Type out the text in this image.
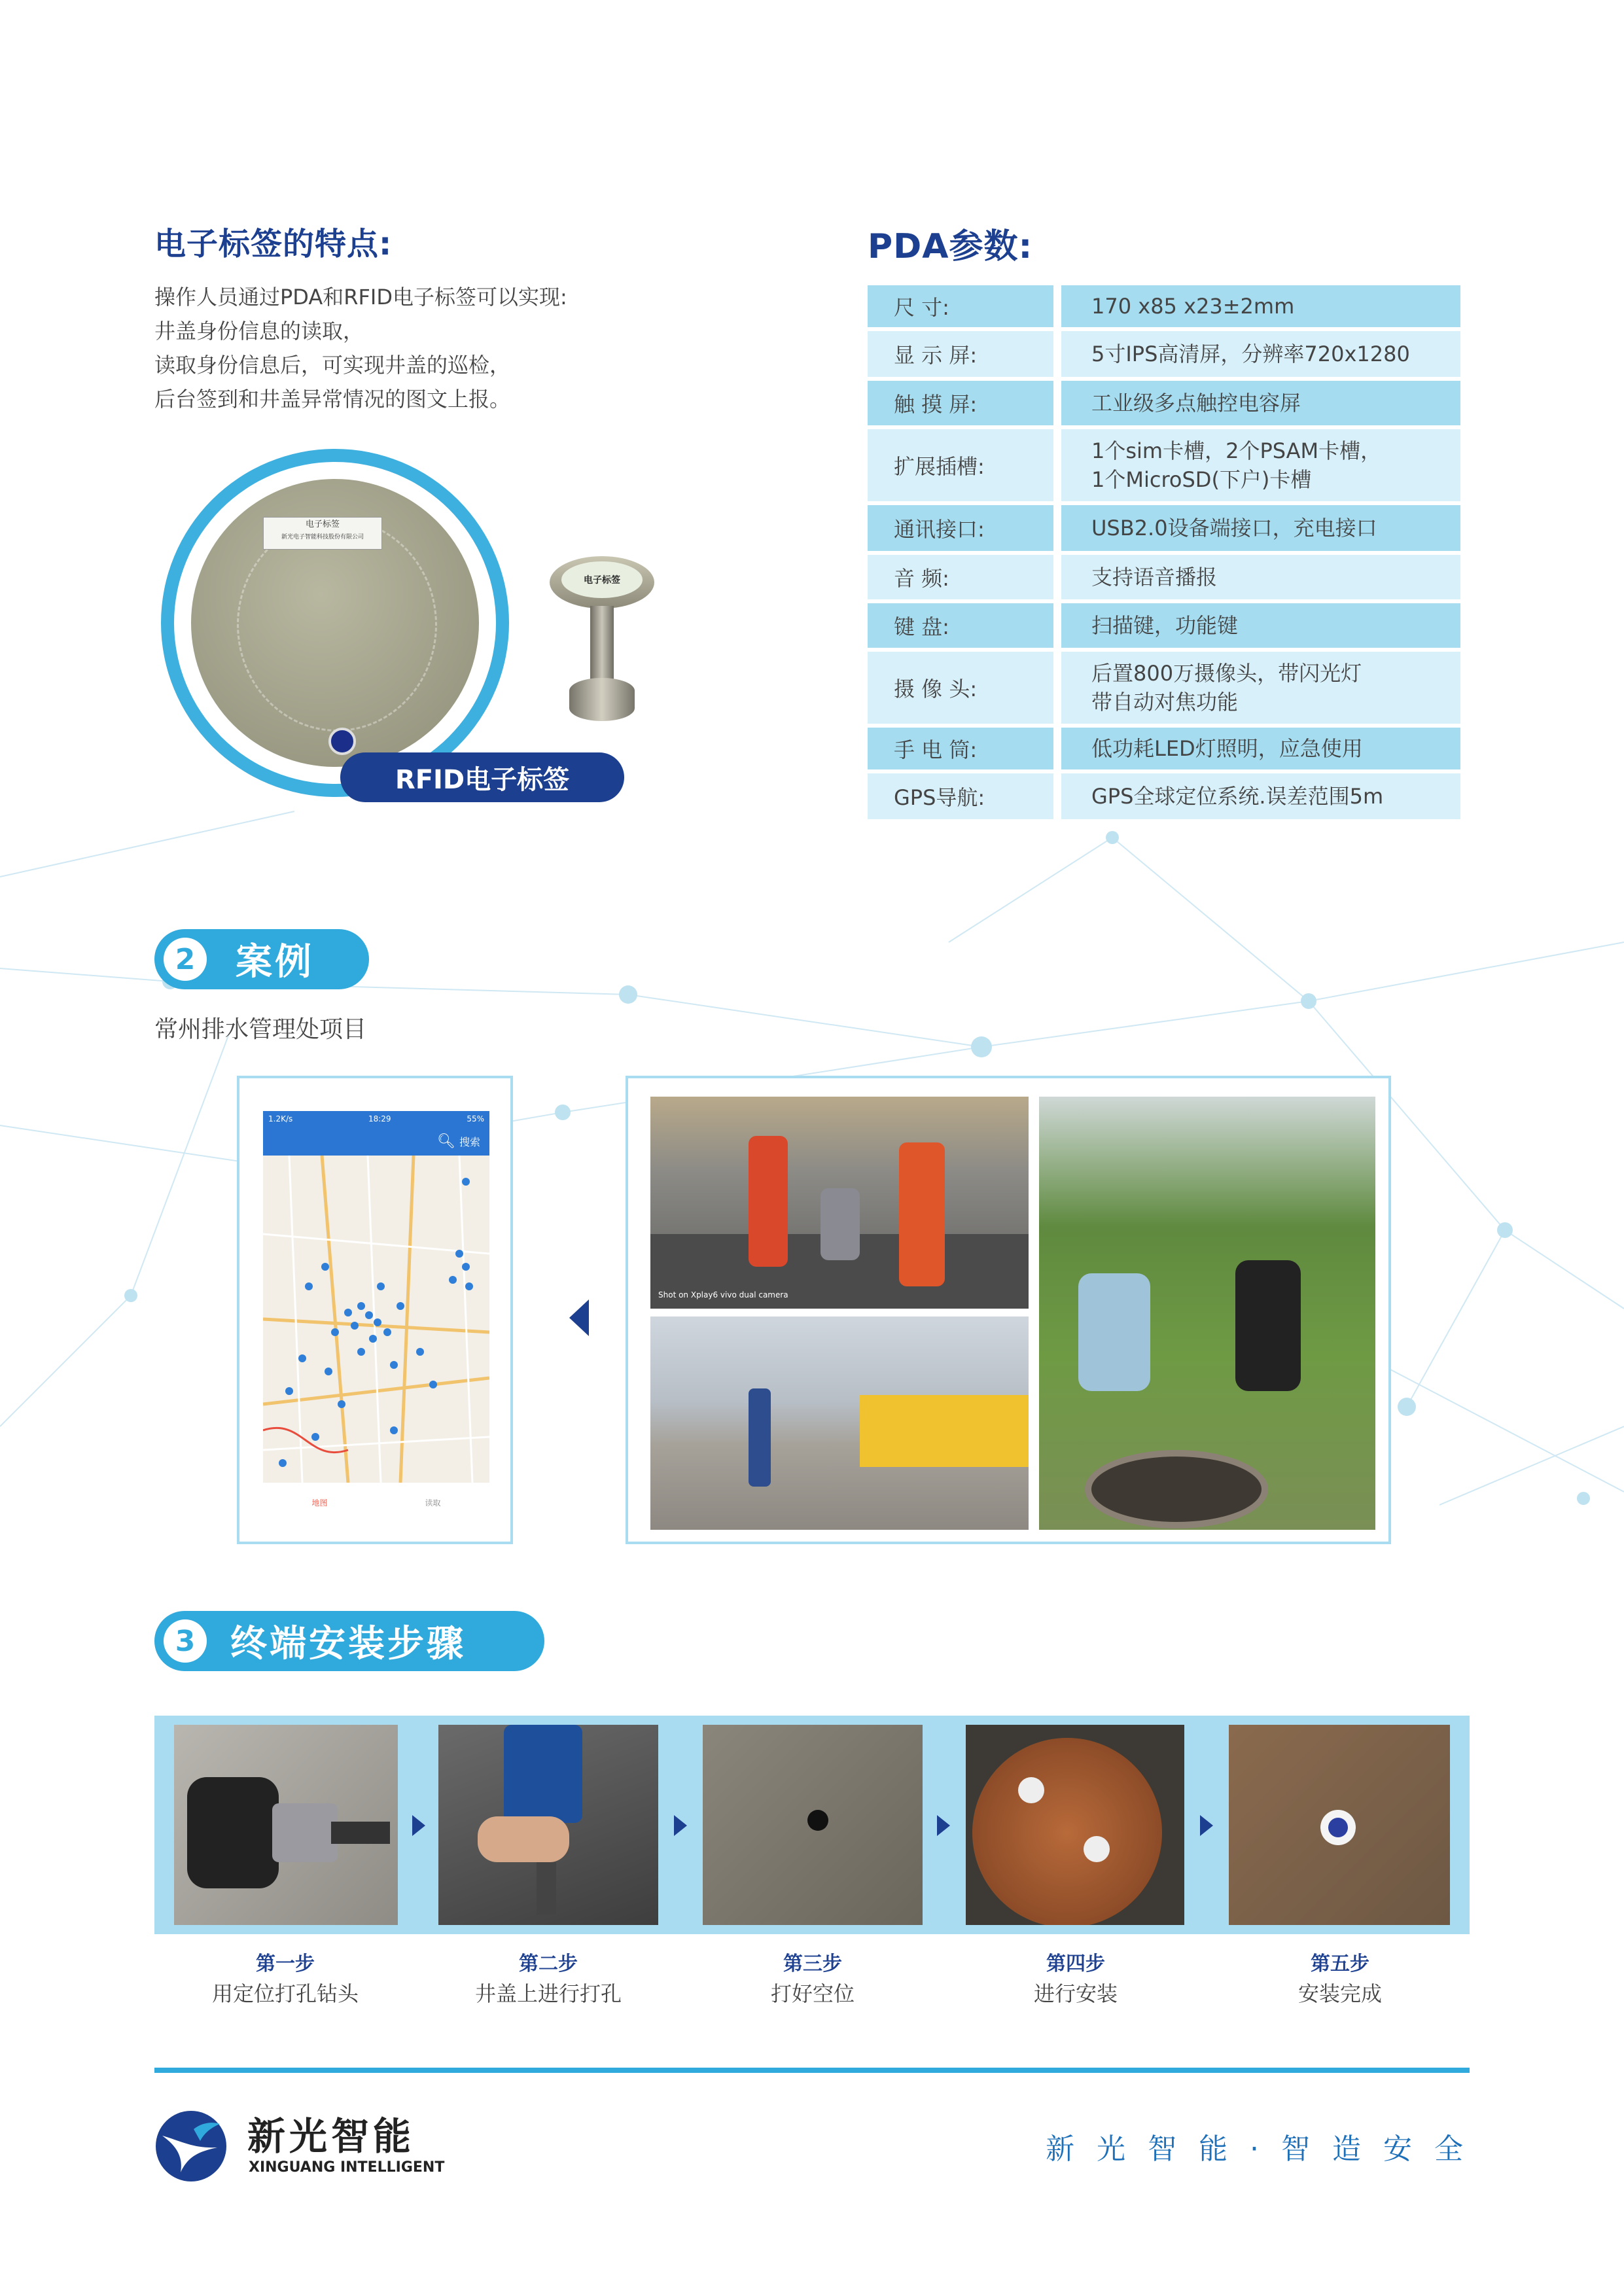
电子标签的特点:
操作人员通过PDA和RFID电子标签可以实现:
井盖身份信息的读取，
读取身份信息后，可实现井盖的巡检，
后台签到和井盖异常情况的图文上报。
电子标签
新光电子智能科技股份有限公司
RFID电子标签
电子标签
PDA参数:
尺 寸:	170 x85 x23±2mm
显 示 屏:	5寸IPS高清屏，分辨率720x1280
触 摸 屏:	工业级多点触控电容屏
扩展插槽:
1个sim卡槽，2个PSAM卡槽，
1个MicroSD(下户)卡槽
通讯接口:	USB2.0设备端接口，充电接口
音 频:	支持语音播报
键 盘:	扫描键，功能键
摄 像 头:
后置800万摄像头，带闪光灯
带自动对焦功能
手 电 筒:	低功耗LED灯照明，应急使用
GPS导航:	GPS全球定位系统.误差范围5m
2	案例
常州排水管理处项目
1.2K/s	18:29	55%
🔍︎ 搜索
地图	读取
Shot on Xplay6 vivo dual camera
3 终端安装步骤
第一步
用定位打孔钻头
第二步
井盖上进行打孔
第三步
打好空位
第四步
进行安装
第五步
安装完成
新光智能
XINGUANG INTELLIGENT
新 光 智 能 · 智 造 安 全
